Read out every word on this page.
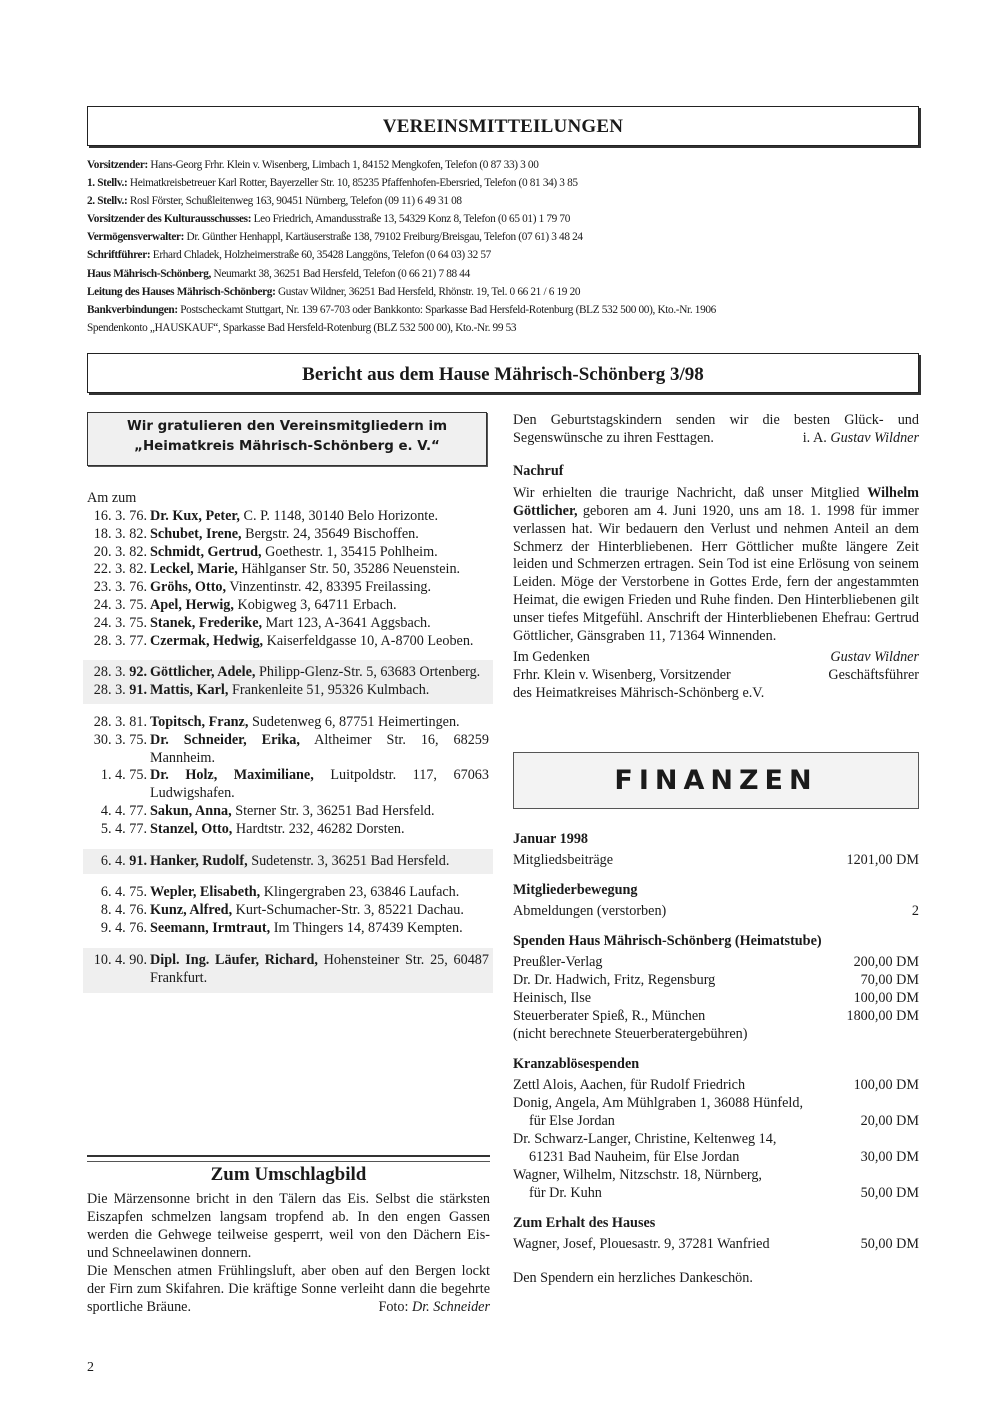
VEREINSMITTEILUNGEN
Vorsitzender: Hans-Georg Frhr. Klein v. Wisenberg, Limbach 1, 84152 Mengkofen, Telefon (0 87 33) 3 00
1. Stellv.: Heimatkreisbetreuer Karl Rotter, Bayerzeller Str. 10, 85235 Pfaffenhofen-Ebersried, Telefon (0 81 34) 3 85
2. Stellv.: Rosl Förster, Schußleitenweg 163, 90451 Nürnberg, Telefon (09 11) 6 49 31 08
Vorsitzender des Kulturausschusses: Leo Friedrich, Amandusstraße 13, 54329 Konz 8, Telefon (0 65 01) 1 79 70
Vermögensverwalter: Dr. Günther Henhappl, Kartäuserstraße 138, 79102 Freiburg/Breisgau, Telefon (07 61) 3 48 24
Schriftführer: Erhard Chladek, Holzheimerstraße 60, 35428 Langgöns, Telefon (0 64 03) 32 57
Haus Mährisch-Schönberg, Neumarkt 38, 36251 Bad Hersfeld, Telefon (0 66 21) 7 88 44
Leitung des Hauses Mährisch-Schönberg: Gustav Wildner, 36251 Bad Hersfeld, Rhönstr. 19, Tel. 0 66 21 / 6 19 20
Bankverbindungen: Postscheckamt Stuttgart, Nr. 139 67-703 oder Bankkonto: Sparkasse Bad Hersfeld-Rotenburg (BLZ 532 500 00), Kto.-Nr. 1906
Spendenkonto „HAUSKAUF“, Sparkasse Bad Hersfeld-Rotenburg (BLZ 532 500 00), Kto.-Nr. 99 53
Bericht aus dem Hause Mährisch-Schönberg 3/98
Wir gratulieren den Vereinsmitgliedern im
„Heimatkreis Mährisch-Schönberg e. V.“
Am zum
16. 3. 76. Dr. Kux, Peter, C. P. 1148, 30140 Belo Horizonte.
18. 3. 82. Schubet, Irene, Bergstr. 24, 35649 Bischoffen.
20. 3. 82. Schmidt, Gertrud, Goethestr. 1, 35415 Pohlheim.
22. 3. 82. Leckel, Marie, Hählganser Str. 50, 35286 Neuenstein.
23. 3. 76. Gröhs, Otto, Vinzentinstr. 42, 83395 Freilassing.
24. 3. 75. Apel, Herwig, Kobigweg 3, 64711 Erbach.
24. 3. 75. Stanek, Frederike, Mart 123, A-3641 Aggsbach.
28. 3. 77. Czermak, Hedwig, Kaiserfeldgasse 10, A-8700 Leoben.
28. 3. 92. Göttlicher, Adele, Philipp-Glenz-Str. 5, 63683 Ortenberg.
28. 3. 91. Mattis, Karl, Frankenleite 51, 95326 Kulmbach.
28. 3. 81. Topitsch, Franz, Sudetenweg 6, 87751 Heimertingen.
30. 3. 75. Dr. Schneider, Erika, Altheimer Str. 16, 68259 Mannheim.
1. 4. 75. Dr. Holz, Maximiliane, Luitpoldstr. 117, 67063 Ludwigshafen.
4. 4. 77. Sakun, Anna, Sterner Str. 3, 36251 Bad Hersfeld.
5. 4. 77. Stanzel, Otto, Hardtstr. 232, 46282 Dorsten.
6. 4. 91. Hanker, Rudolf, Sudetenstr. 3, 36251 Bad Hersfeld.
6. 4. 75. Wepler, Elisabeth, Klingergraben 23, 63846 Laufach.
8. 4. 76. Kunz, Alfred, Kurt-Schumacher-Str. 3, 85221 Dachau.
9. 4. 76. Seemann, Irmtraut, Im Thingers 14, 87439 Kempten.
10. 4. 90. Dipl. Ing. Läufer, Richard, Hohensteiner Str. 25, 60487 Frankfurt.
Zum Umschlagbild
Die Märzensonne bricht in den Tälern das Eis. Selbst die stärksten Eiszapfen schmelzen langsam tropfend ab. In den engen Gassen werden die Gehwege teilweise gesperrt, weil von den Dächern Eis- und Schneelawinen donnern.
Die Menschen atmen Frühlingsluft, aber oben auf den Bergen lockt der Firn zum Skifahren. Die kräftige Sonne verleiht dann die begehrte sportliche Bräune.	Foto: Dr. Schneider
2
Den Geburtstagskindern senden wir die besten Glück- und Segenswünsche zu ihren Festtagen.	i. A. Gustav Wildner
Nachruf
Wir erhielten die traurige Nachricht, daß unser Mitglied Wilhelm Göttlicher, geboren am 4. Juni 1920, uns am 18. 1. 1998 für immer verlassen hat. Wir bedauern den Verlust und nehmen Anteil an dem Schmerz der Hinterbliebenen. Herr Göttlicher mußte längere Zeit leiden und Schmerzen ertragen. Sein Tod ist eine Erlösung von seinem Leiden. Möge der Verstorbene in Gottes Erde, fern der angestammten Heimat, die ewigen Frieden und Ruhe finden. Den Hinterbliebenen gilt unser tiefes Mitgefühl. Anschrift der Hinterbliebenen Ehefrau: Gertrud Göttlicher, Gänsgraben 11, 71364 Winnenden.
Im Gedenken	Gustav Wildner
Frhr. Klein v. Wisenberg, Vorsitzender	Geschäftsführer
des Heimatkreises Mährisch-Schönberg e.V.
FINANZEN
Januar 1998
Mitgliedsbeiträge	1201,00 DM
Mitgliederbewegung
Abmeldungen (verstorben)	2
Spenden Haus Mährisch-Schönberg (Heimatstube)
Preußler-Verlag	200,00 DM
Dr. Dr. Hadwich, Fritz, Regensburg	70,00 DM
Heinisch, Ilse	100,00 DM
Steuerberater Spieß, R., München	1800,00 DM
(nicht berechnete Steuerberatergebühren)
Kranzablösespenden
Zettl Alois, Aachen, für Rudolf Friedrich	100,00 DM
Donig, Angela, Am Mühlgraben 1, 36088 Hünfeld,
für Else Jordan	20,00 DM
Dr. Schwarz-Langer, Christine, Keltenweg 14,
61231 Bad Nauheim, für Else Jordan	30,00 DM
Wagner, Wilhelm, Nitzschstr. 18, Nürnberg,
für Dr. Kuhn	50,00 DM
Zum Erhalt des Hauses
Wagner, Josef, Plouesastr. 9, 37281 Wanfried	50,00 DM
Den Spendern ein herzliches Dankeschön.
